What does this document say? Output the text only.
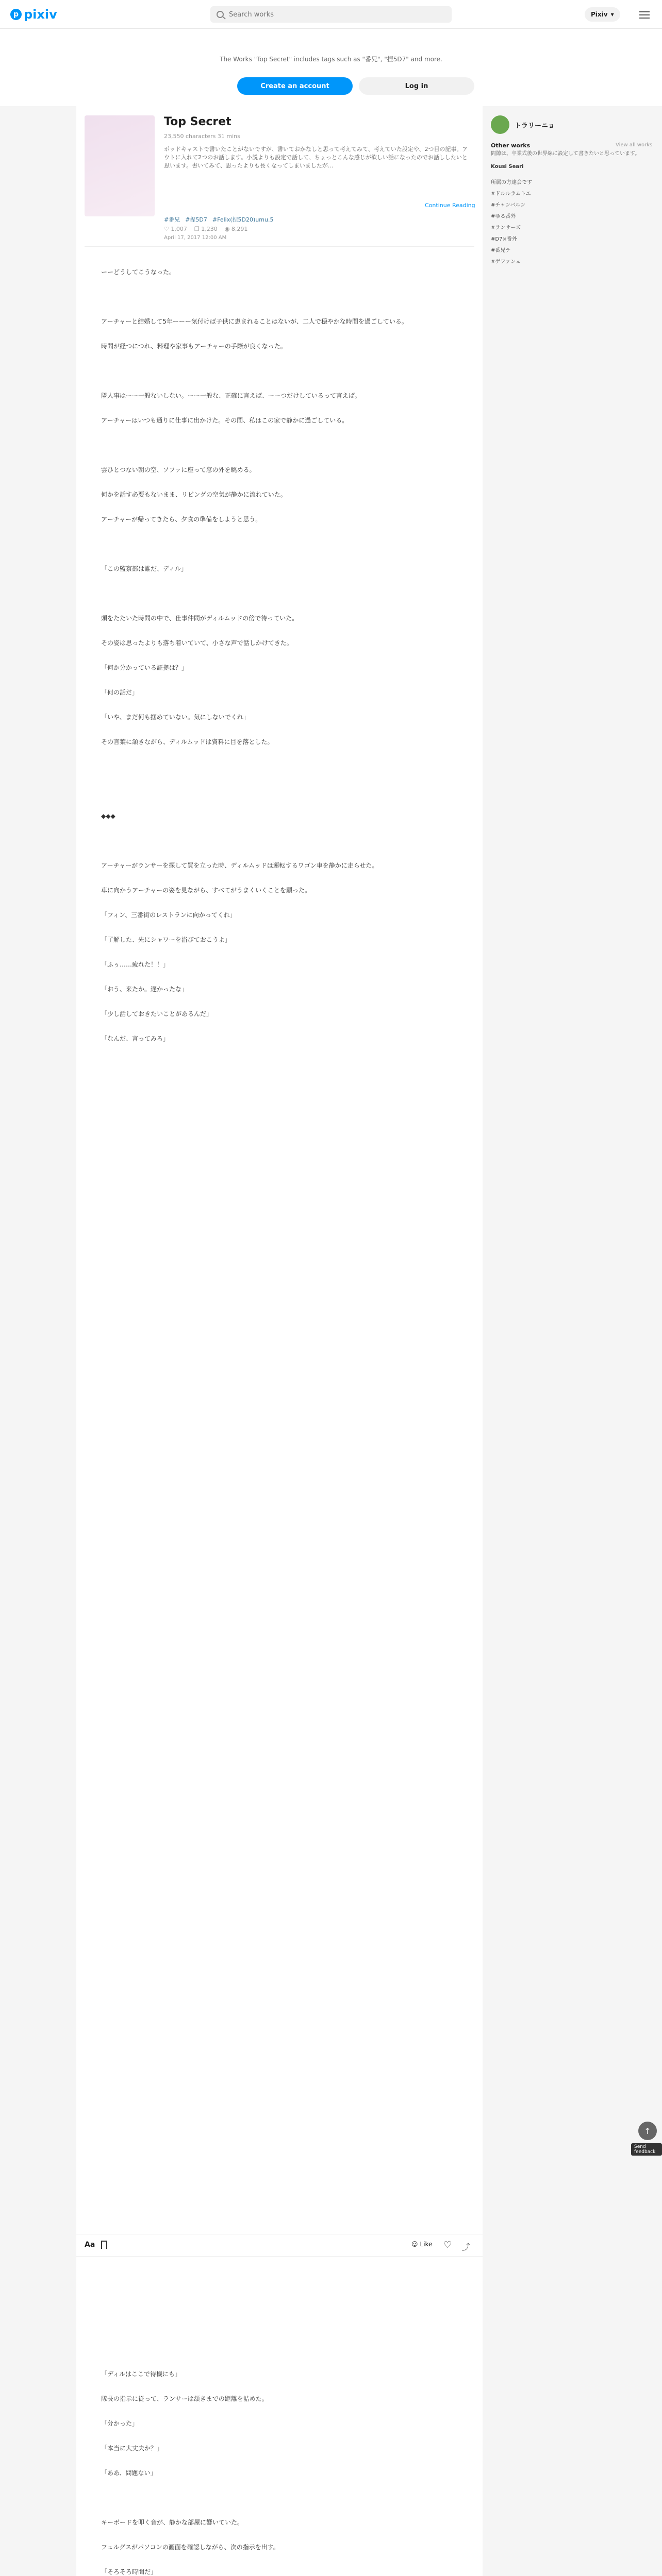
p pixiv
Search works	Pixiv ▾
The Works "Top Secret" includes tags such as "番兄", "捏5D7" and more.
Create an account	Log in
Top Secret
23,550 characters 31 mins
ポッドキャストで書いたことがないですが、書いておかなしと思って考えてみて、考えていた設定や、2つ目の記事。アウトに入れて2つのお話します。小説よりも設定で話して、ちょっとこんな感じが欲しい話になったのでお話ししたいと思います。書いてみて、思ったよりも長くなってしまいましたが...
Continue Reading
#番兄 #捏5D7 #Felix(捏5D20)umu.5
♡ 1,007 ❐ 1,230 ◉ 8,291
April 17, 2017 12:00 AM
ーーどうしてこうなった。

アーチャーと結婚して5年ーーー気付けば子供に恵まれることはないが、二人で穏やかな時間を過ごしている。

時間が経つにつれ、料理や家事もアーチャーの手際が良くなった。

隣人事はーー一般ないしない。ーー一般な、正確に言えば、ーーつだけしているって言えば。

アーチャーはいつも通りに仕事に出かけた。その間、私はこの家で静かに過ごしている。

雲ひとつない朝の空、ソファに座って窓の外を眺める。

何かを話す必要もないまま、リビングの空気が静かに流れていた。

アーチャーが帰ってきたら、夕食の準備をしようと思う。

「この監察部は誰だ、ディル」

頭をたたいた時間の中で、仕事仲間がディルムッドの傍で待っていた。

その姿は思ったよりも落ち着いていて、小さな声で話しかけてきた。

「何か分かっている証拠は？」

「何の話だ」

「いや、まだ何も掴めていない。気にしないでくれ」

その言葉に頷きながら、ディルムッドは資料に目を落とした。

◆◆◆

アーチャーがランサーを探して買を立った時、ディルムッドは運転するワゴン車を静かに走らせた。

車に向かうアーチャーの姿を見ながら、すべてがうまくいくことを願った。

「フィン、三番街のレストランに向かってくれ」

「了解した、先にシャワーを浴びておこうよ」

「ふぅ……疲れた！！」

「おう、来たか。遅かったな」

「少し話しておきたいことがあるんだ」

「なんだ、言ってみろ」
「ディルはここで待機にも」

隊長の指示に従って、ランサーは頷きまでの距離を詰めた。

「分かった」

「本当に大丈夫か？」

「ああ、問題ない」

キーボードを叩く音が、静かな部屋に響いていた。

フェルグスがパソコンの画面を確認しながら、次の指示を出す。

「そろそろ時間だ」

Aa	☺ Like ♡ ⤴
トラリーニョ
Other works	View all works
間隙は、卒業式後の世界線に設定して書きたいと思っています。
Kousi Seari
所属の方達会です
#ドルルラムトエ
#チャンバルン
#ゆる番外
#ランサーズ
#D7×番外
#番兄テ
#ゲファンェ
↑
Send feedback
